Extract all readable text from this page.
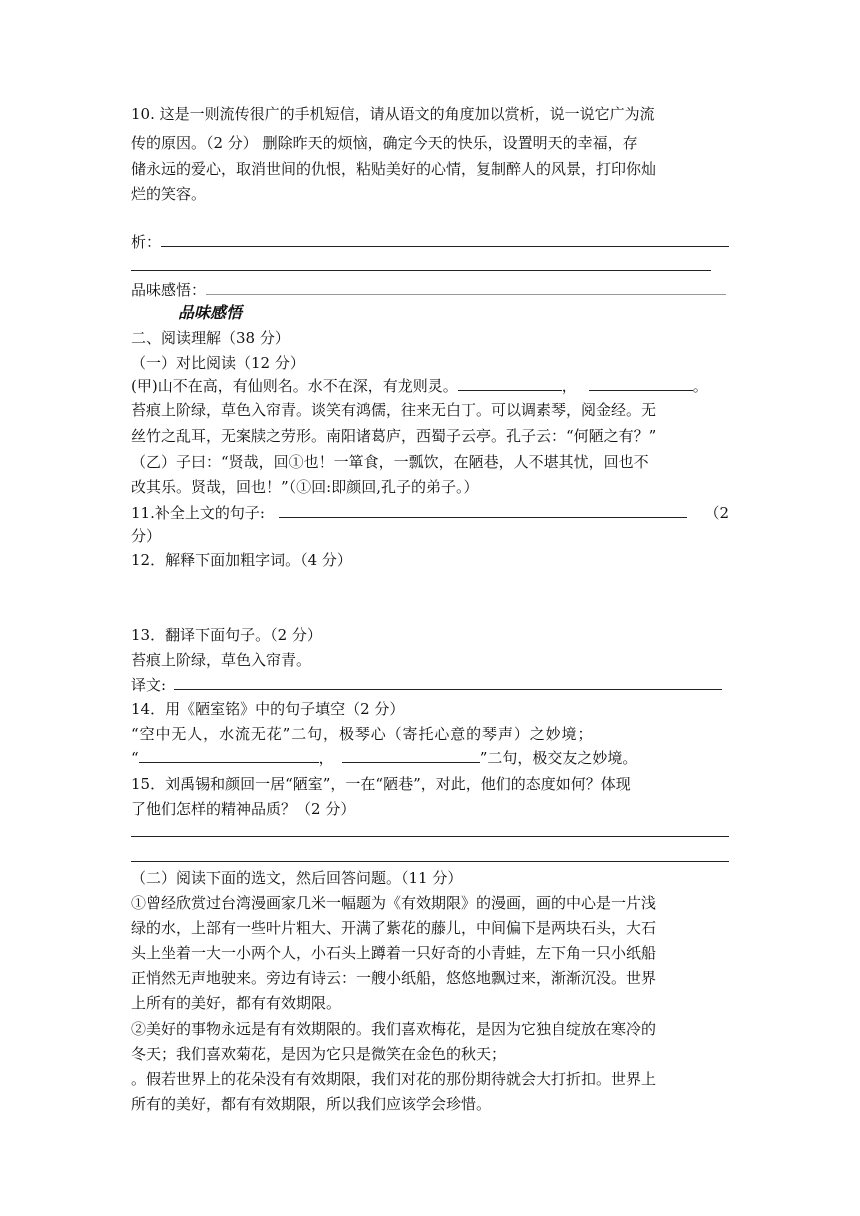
10. 这是一则流传很广的手机短信，请从语文的角度加以赏析，说一说它广为流
传的原因。（2 分） 删除昨天的烦恼，确定今天的快乐，设置明天的幸福，存
储永远的爱心，取消世间的仇恨，粘贴美好的心情，复制醉人的风景，打印你灿
烂的笑容。
析：
品味感悟：
品味感悟
二、阅读理解（38 分）
（一）对比阅读（12 分）
(甲)山不在高，有仙则名。水不在深，有龙则灵。	，	。
苔痕上阶绿，草色入帘青。谈笑有鸿儒，往来无白丁。可以调素琴，阅金经。无
丝竹之乱耳，无案牍之劳形。南阳诸葛庐，西蜀子云亭。孔子云：“何陋之有？”
（乙）子曰：“贤哉，回①也！一箪食，一瓢饮，在陋巷，人不堪其忧，回也不
改其乐。贤哉，回也！”（①回:即颜回,孔子的弟子。）
11.补全上文的句子:	（2
分）
12．解释下面加粗字词。（4 分）
13．翻译下面句子。（2 分）
苔痕上阶绿，草色入帘青。
译文:
14．用《陋室铭》中的句子填空（2 分）
“空中无人，水流无花”二句，极琴心（寄托心意的琴声）之妙境；
“	，	”二句，极交友之妙境。
15．刘禹锡和颜回一居“陋室”，一在“陋巷”，对此，他们的态度如何？体现
了他们怎样的精神品质？（2 分）
（二）阅读下面的选文，然后回答问题。（11 分）
①曾经欣赏过台湾漫画家几米一幅题为《有效期限》的漫画，画的中心是一片浅
绿的水，上部有一些叶片粗大、开满了紫花的藤儿，中间偏下是两块石头，大石
头上坐着一大一小两个人，小石头上蹲着一只好奇的小青蛙，左下角一只小纸船
正悄然无声地驶来。旁边有诗云：一艘小纸船，悠悠地飘过来，渐渐沉没。世界
上所有的美好，都有有效期限。
②美好的事物永远是有有效期限的。我们喜欢梅花，是因为它独自绽放在寒冷的
冬天；我们喜欢菊花，是因为它只是微笑在金色的秋天；
。假若世界上的花朵没有有效期限，我们对花的那份期待就会大打折扣。世界上
所有的美好，都有有效期限，所以我们应该学会珍惜。
